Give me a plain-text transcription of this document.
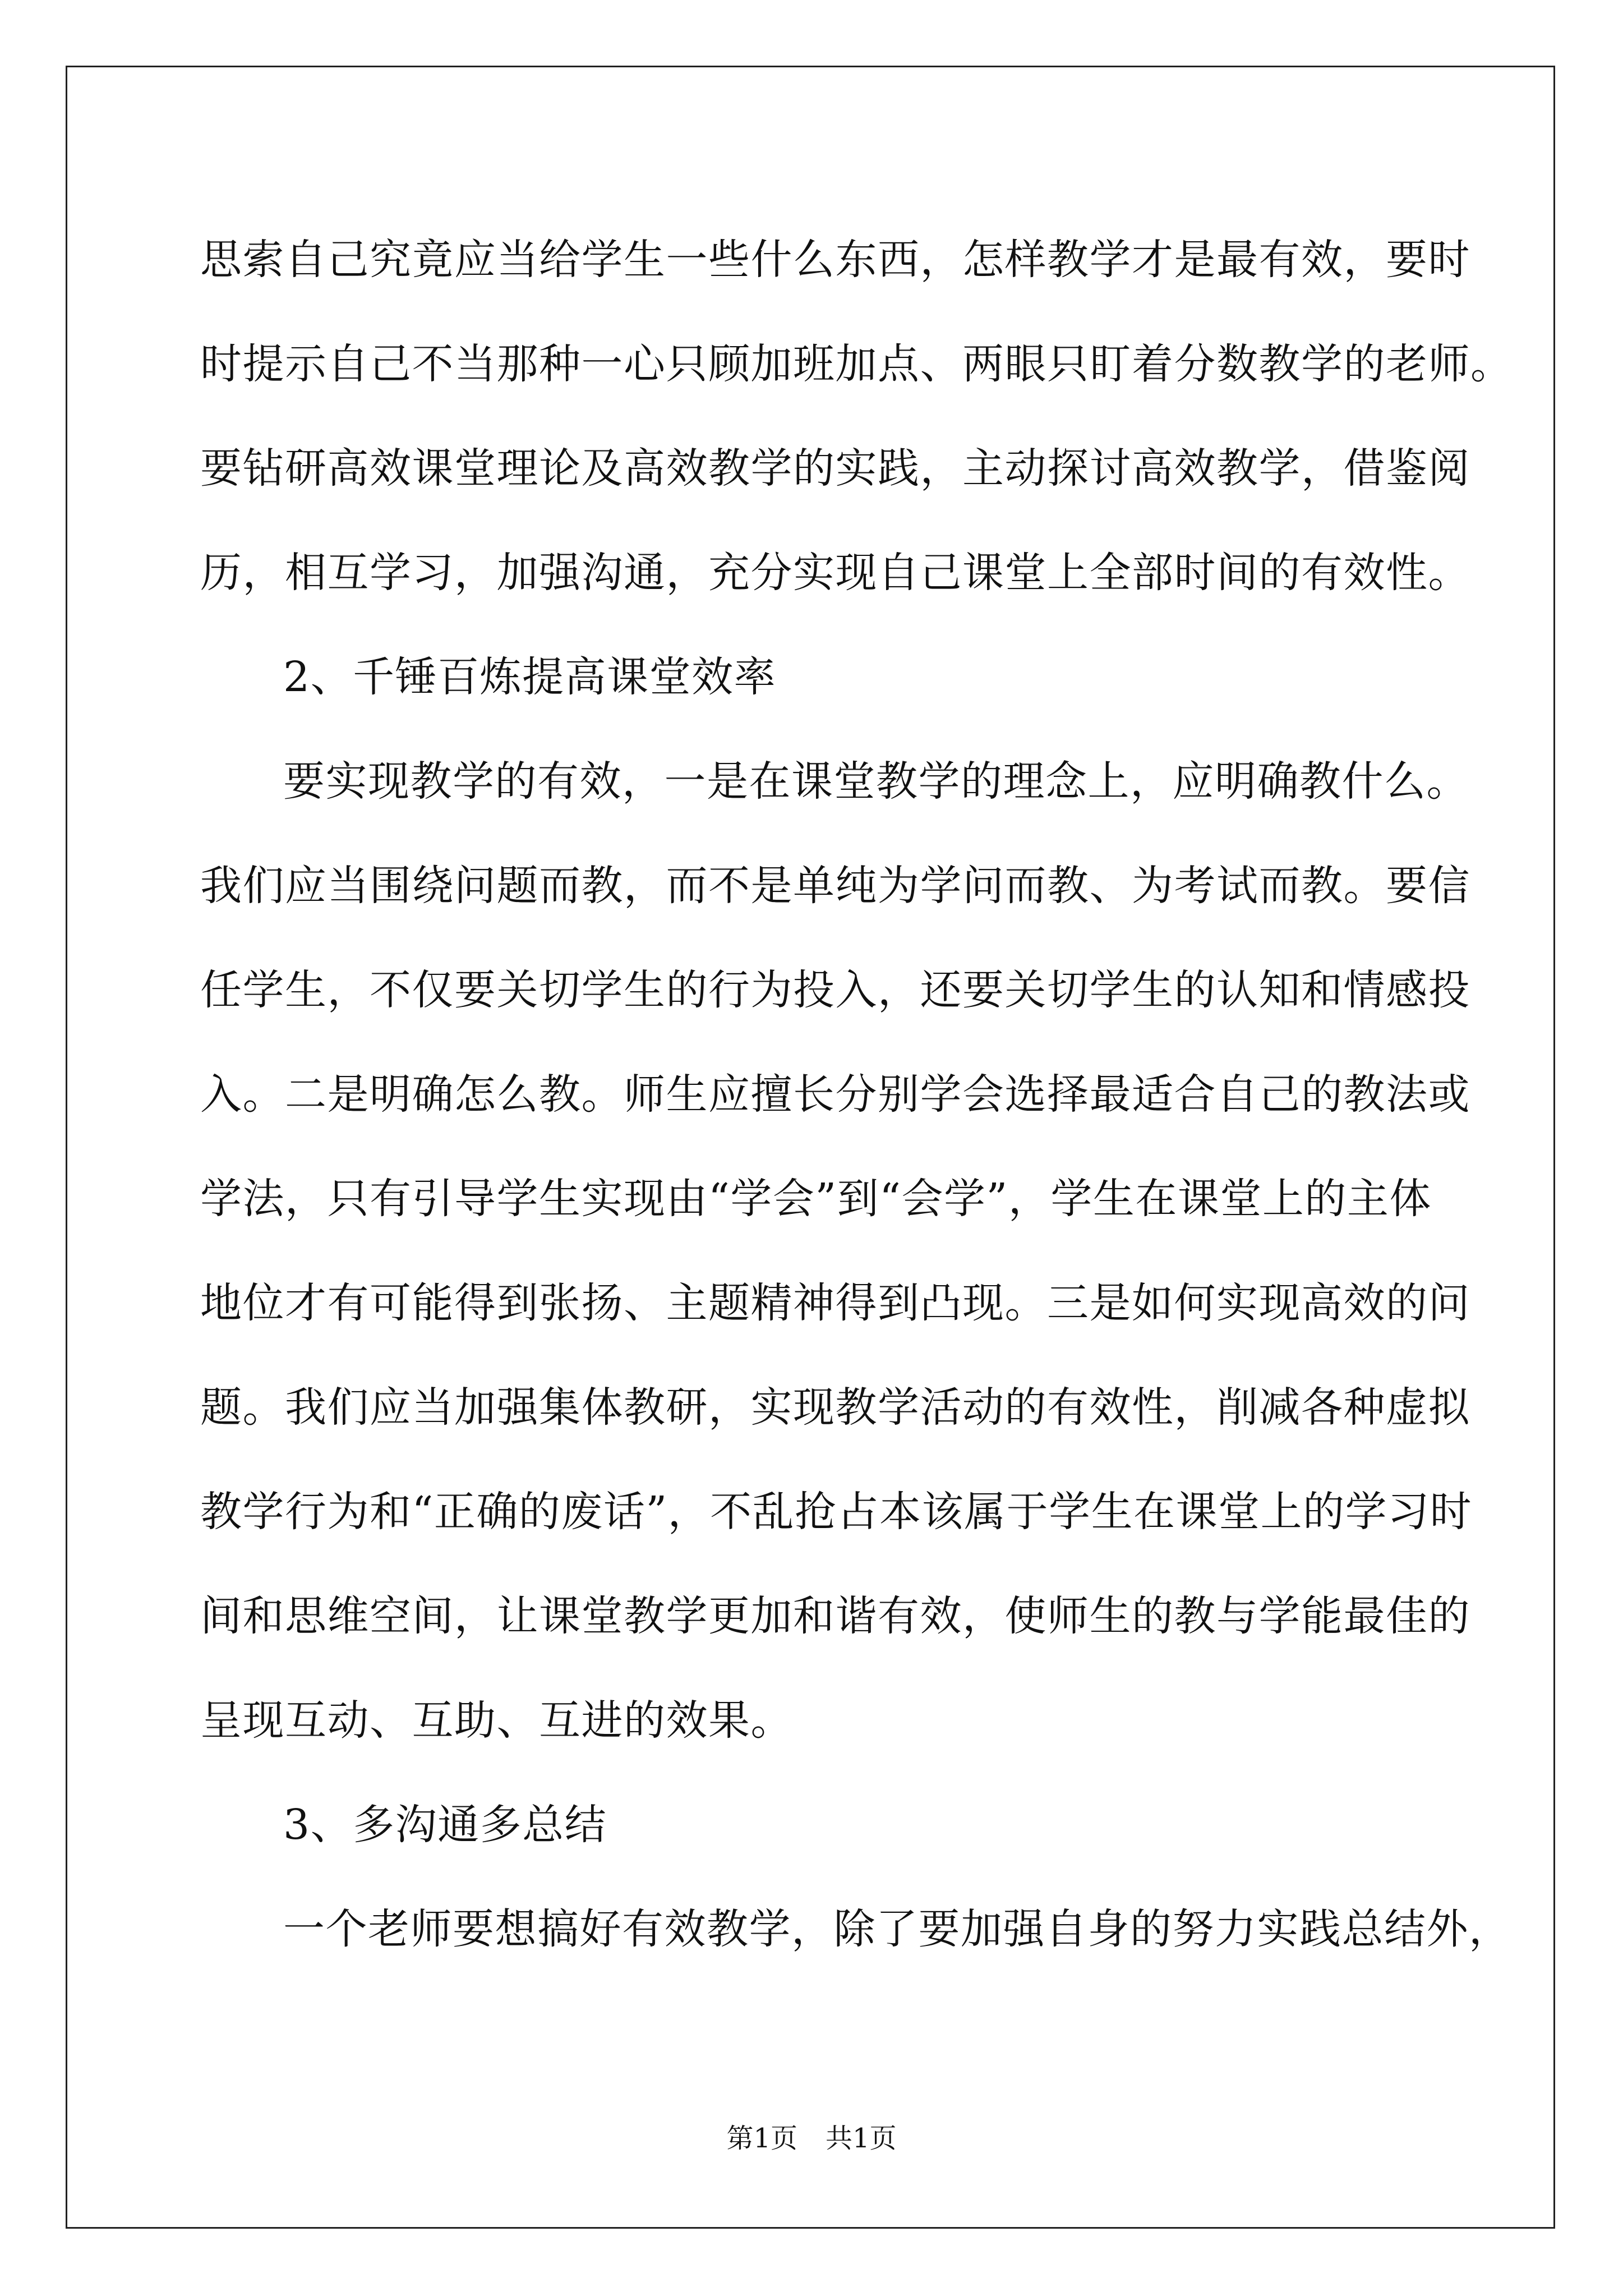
思索自己究竟应当给学生一些什么东西，怎样教学才是最有效，要时
时提示自己不当那种一心只顾加班加点、两眼只盯着分数教学的老师。
要钻研高效课堂理论及高效教学的实践，主动探讨高效教学，借鉴阅
历，相互学习，加强沟通，充分实现自己课堂上全部时间的有效性。
2、千锤百炼提高课堂效率
要实现教学的有效，一是在课堂教学的理念上，应明确教什么。
我们应当围绕问题而教，而不是单纯为学问而教、为考试而教。要信
任学生，不仅要关切学生的行为投入，还要关切学生的认知和情感投
入。二是明确怎么教。师生应擅长分别学会选择最适合自己的教法或
学法，只有引导学生实现由“学会”到“会学”，学生在课堂上的主体
地位才有可能得到张扬、主题精神得到凸现。三是如何实现高效的问
题。我们应当加强集体教研，实现教学活动的有效性，削减各种虚拟
教学行为和“正确的废话”，不乱抢占本该属于学生在课堂上的学习时
间和思维空间，让课堂教学更加和谐有效，使师生的教与学能最佳的
呈现互动、互助、互进的效果。
3、多沟通多总结
一个老师要想搞好有效教学，除了要加强自身的努力实践总结外，
第1页 共1页
